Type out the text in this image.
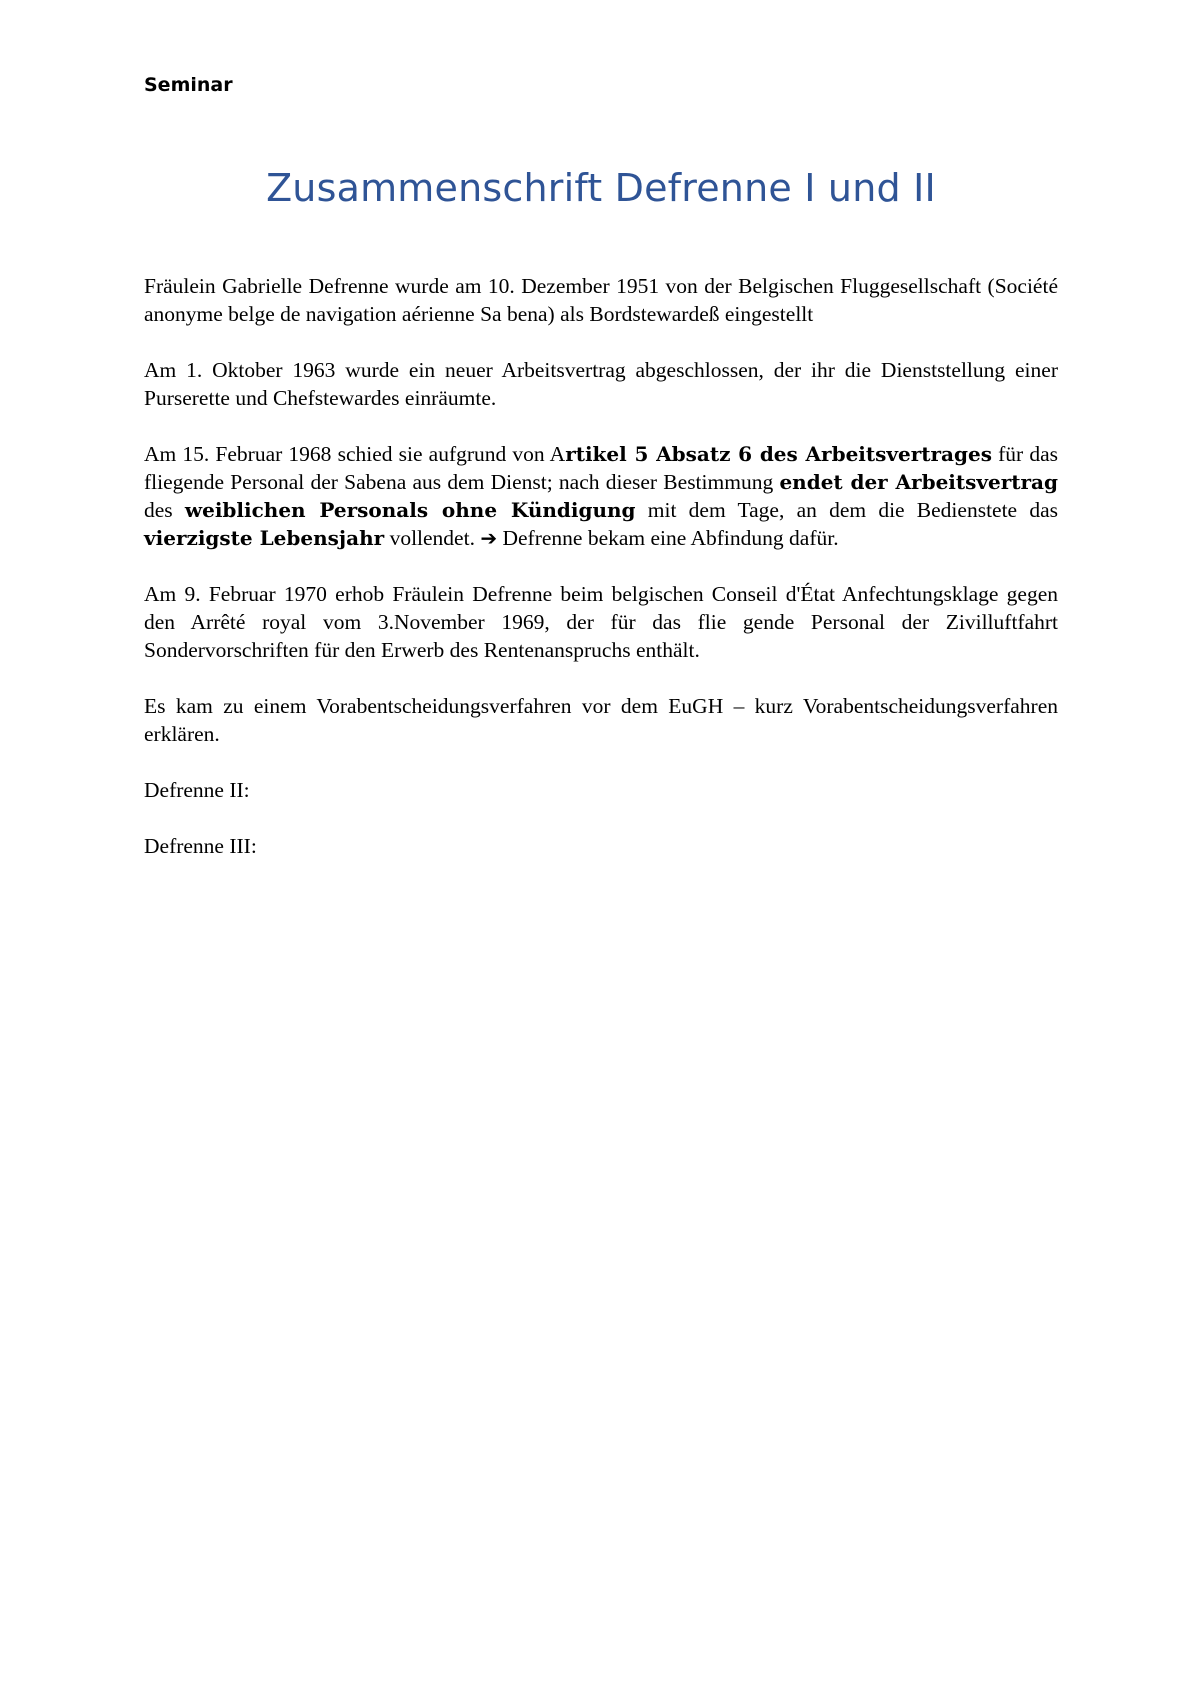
Seminar
Zusammenschrift Defrenne I und II

Fräulein Gabrielle Defrenne wurde am 10. Dezember 1951 von der Belgischen Fluggesellschaft (Société anonyme belge de navigation aérienne Sa bena) als Bordstewardeß eingestellt

Am 1. Oktober 1963 wurde ein neuer Arbeitsvertrag abgeschlossen, der ihr die Dienststellung einer Purserette und Chefstewardes einräumte.

Am 15. Februar 1968 schied sie aufgrund von Artikel 5 Absatz 6 des Arbeitsvertrages für das fliegende Personal der Sabena aus dem Dienst; nach dieser Bestimmung endet der Arbeitsvertrag des weiblichen Personals ohne Kündigung mit dem Tage, an dem die Bedienstete das vierzigste Lebensjahr vollendet. ➔ Defrenne bekam eine Abfindung dafür.

Am 9. Februar 1970 erhob Fräulein Defrenne beim belgischen Conseil d'État Anfechtungsklage gegen den Arrêté royal vom 3.November 1969, der für das flie gende Personal der Zivilluftfahrt Sondervorschriften für den Erwerb des Rentenanspruchs enthält.

Es kam zu einem Vorabentscheidungsverfahren vor dem EuGH – kurz Vorabentscheidungsverfahren erklären.

Defrenne II:

Defrenne III:
